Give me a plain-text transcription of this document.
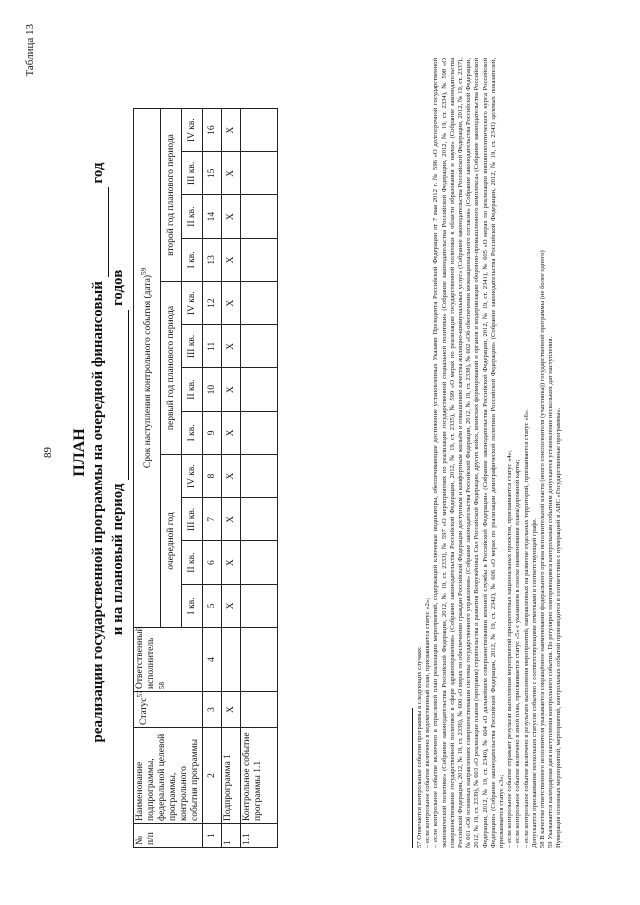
Таблица 13
89 ПЛАН реализации государственной программы на очередной финансовый   год
и на плановый период   годов
№ п/п	Наименование подпрограммы, федеральной целевой программы, контрольного события программы	Статус$^{57}$	Ответственный исполнитель $^{58}$	Срок наступления контрольного события (дата)$^{59}$
				очередной год				первый год планового периода				второй год планового периода			
				I кв.	II кв.	III кв.	IV кв.	I кв.	II кв.	III кв.	IV кв.	I кв.	II кв.	III кв.	IV кв.
1	2	3	4	5	6	7	8	9	10	11	12	13	14	15	16
1	Подпрограмма 1	X		X	X	X	X	X	X	X	X	X	X	X	X
1.1	Контрольное событие программы 1.1															57 Отмечается контрольные события программы в следующих случаях: – если контрольное событие включено в ведомственный план, присваивается статус «2»; – если контрольное событие включено в отраслевой план реализации мероприятий, содержащий ключевые индикаторы, обеспечивающие достижение установленных Указами Президента Российской Федерации от 7 мая 2012 г. № 596 «О долгосрочной государственной экономической политике» (Собрание законодательства Российской Федерации, 2012, № 19, ст. 2333), № 597 «О мероприятиях по реализации государственной социальной политики» (Собрание законодательства Российской Федерации, 2012, № 19, ст. 2334), № 598 «О совершенствовании государственной политики в сфере здравоохранения» (Собрание законодательства Российской Федерации, 2012, № 19, ст. 2335), № 599 «О мерах по реализации государственной политики в области образования и науки» (Собрание законодательства Российской Федерации, 2012, № 19, ст. 2336), № 600 «О мерах по обеспечению граждан Российской Федерации доступным и комфортным жильём и повышению качества жилищно-коммунальных услуг» (Собрание законодательства Российской Федерации, 2012, № 19, ст. 2337), № 601 «Об основных направлениях совершенствования системы государственного управления» (Собрание законодательства Российской Федерации, 2012, № 19, ст. 2338), № 602 «Об обеспечении межнационального согласия» (Собрание законодательства Российской Федерации, 2012, № 19, ст. 2339), № 603 «О реализации планов (программ) строительства и развития Вооружённых Сил Российской Федерации, других войск, воинских формирований и органов и модернизации оборонно-промышленного комплекса» (Собрание законодательства Российской Федерации, 2012, № 19, ст. 2340), № 604 «О дальнейшем совершенствовании военной службы в Российской Федерации» (Собрание законодательства Российской Федерации, 2012, № 19, ст. 2341), № 605 «О мерах по реализации внешнеполитического курса Российской Федерации» (Собрание законодательства Российской Федерации, 2012, № 19, ст. 2342), № 606 «О мерах по реализации демографической политики Российской Федерации» (Собрание законодательства Российской Федерации, 2012, № 19, ст. 2343) целевых показателей, присваивается статус «3»; – если контрольное событие отражает результат выполнения мероприятий приоритетных национальных проектов, присваивается статус «4»; – если контрольное событие включено в иной план, присваивается статус «5» с указанием в сноске наименования плана/дорожной карты; – если контрольное событие включено в результате выполнения мероприятий, направленных на развитие отдельных территорий, присваивается статус «6». Допускается присваивание нескольких статусов событию с соответствующими отметками в соответствующей графе. 58 В качестве ответственного исполнителя указывается сокращённое наименование федерального органа исполнительной власти (иного соисполнителя (участника)) государственной программы (не более одного) 59 Указывается календарная дата наступления контрольного события. По регулярно повторяющимся контрольным событиям допускается установление нескольких дат наступления. Нумерация основных мероприятий, мероприятий, контрольных событий производится в соответствии с нумерацией в АИС «Государственные программы».
